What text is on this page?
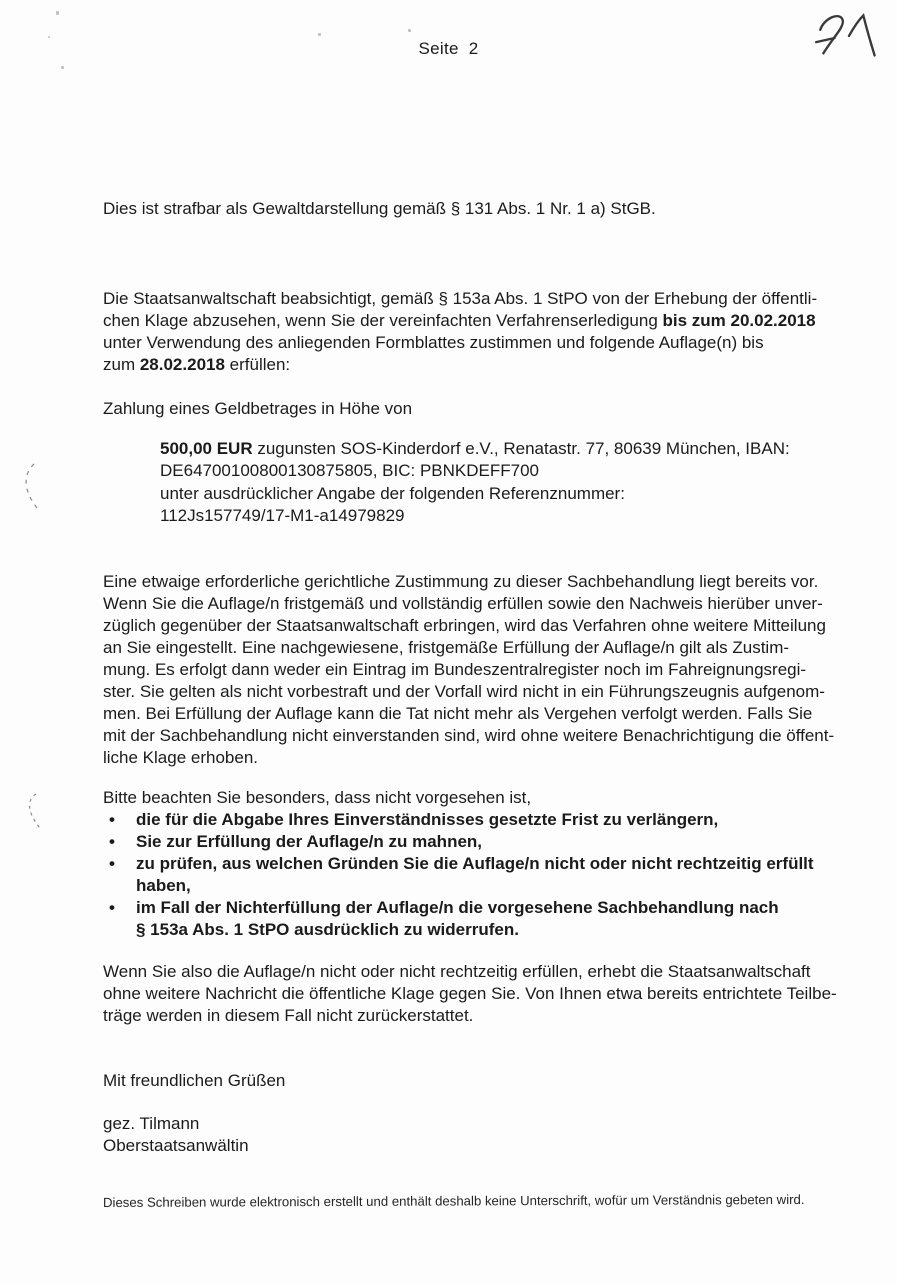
Seite  2
Dies ist strafbar als Gewaltdarstellung gemäß § 131 Abs. 1 Nr. 1 a) StGB.
Die Staatsanwaltschaft beabsichtigt, gemäß § 153a Abs. 1 StPO von der Erhebung der öffentli-
chen Klage abzusehen, wenn Sie der vereinfachten Verfahrenserledigung bis zum 20.02.2018
unter Verwendung des anliegenden Formblattes zustimmen und folgende Auflage(n) bis
zum 28.02.2018 erfüllen:
Zahlung eines Geldbetrages in Höhe von
500,00 EUR zugunsten SOS-Kinderdorf e.V., Renatastr. 77, 80639 München, IBAN:
DE64700100800130875805, BIC: PBNKDEFF700
unter ausdrücklicher Angabe der folgenden Referenznummer:
112Js157749/17-M1-a14979829
Eine etwaige erforderliche gerichtliche Zustimmung zu dieser Sachbehandlung liegt bereits vor.
Wenn Sie die Auflage/n fristgemäß und vollständig erfüllen sowie den Nachweis hierüber unver-
züglich gegenüber der Staatsanwaltschaft erbringen, wird das Verfahren ohne weitere Mitteilung
an Sie eingestellt. Eine nachgewiesene, fristgemäße Erfüllung der Auflage/n gilt als Zustim-
mung. Es erfolgt dann weder ein Eintrag im Bundeszentralregister noch im Fahreignungsregi-
ster. Sie gelten als nicht vorbestraft und der Vorfall wird nicht in ein Führungszeugnis aufgenom-
men. Bei Erfüllung der Auflage kann die Tat nicht mehr als Vergehen verfolgt werden. Falls Sie
mit der Sachbehandlung nicht einverstanden sind, wird ohne weitere Benachrichtigung die öffent-
liche Klage erhoben.
Bitte beachten Sie besonders, dass nicht vorgesehen ist,
•	die für die Abgabe Ihres Einverständnisses gesetzte Frist zu verlängern,
•	Sie zur Erfüllung der Auflage/n zu mahnen,
•	zu prüfen, aus welchen Gründen Sie die Auflage/n nicht oder nicht rechtzeitig erfüllt
haben,
•	im Fall der Nichterfüllung der Auflage/n die vorgesehene Sachbehandlung nach
§ 153a Abs. 1 StPO ausdrücklich zu widerrufen.
Wenn Sie also die Auflage/n nicht oder nicht rechtzeitig erfüllen, erhebt die Staatsanwaltschaft
ohne weitere Nachricht die öffentliche Klage gegen Sie. Von Ihnen etwa bereits entrichtete Teilbe-
träge werden in diesem Fall nicht zurückerstattet.
Mit freundlichen Grüßen
gez. Tilmann
Oberstaatsanwältin
Dieses Schreiben wurde elektronisch erstellt und enthält deshalb keine Unterschrift, wofür um Verständnis gebeten wird.
